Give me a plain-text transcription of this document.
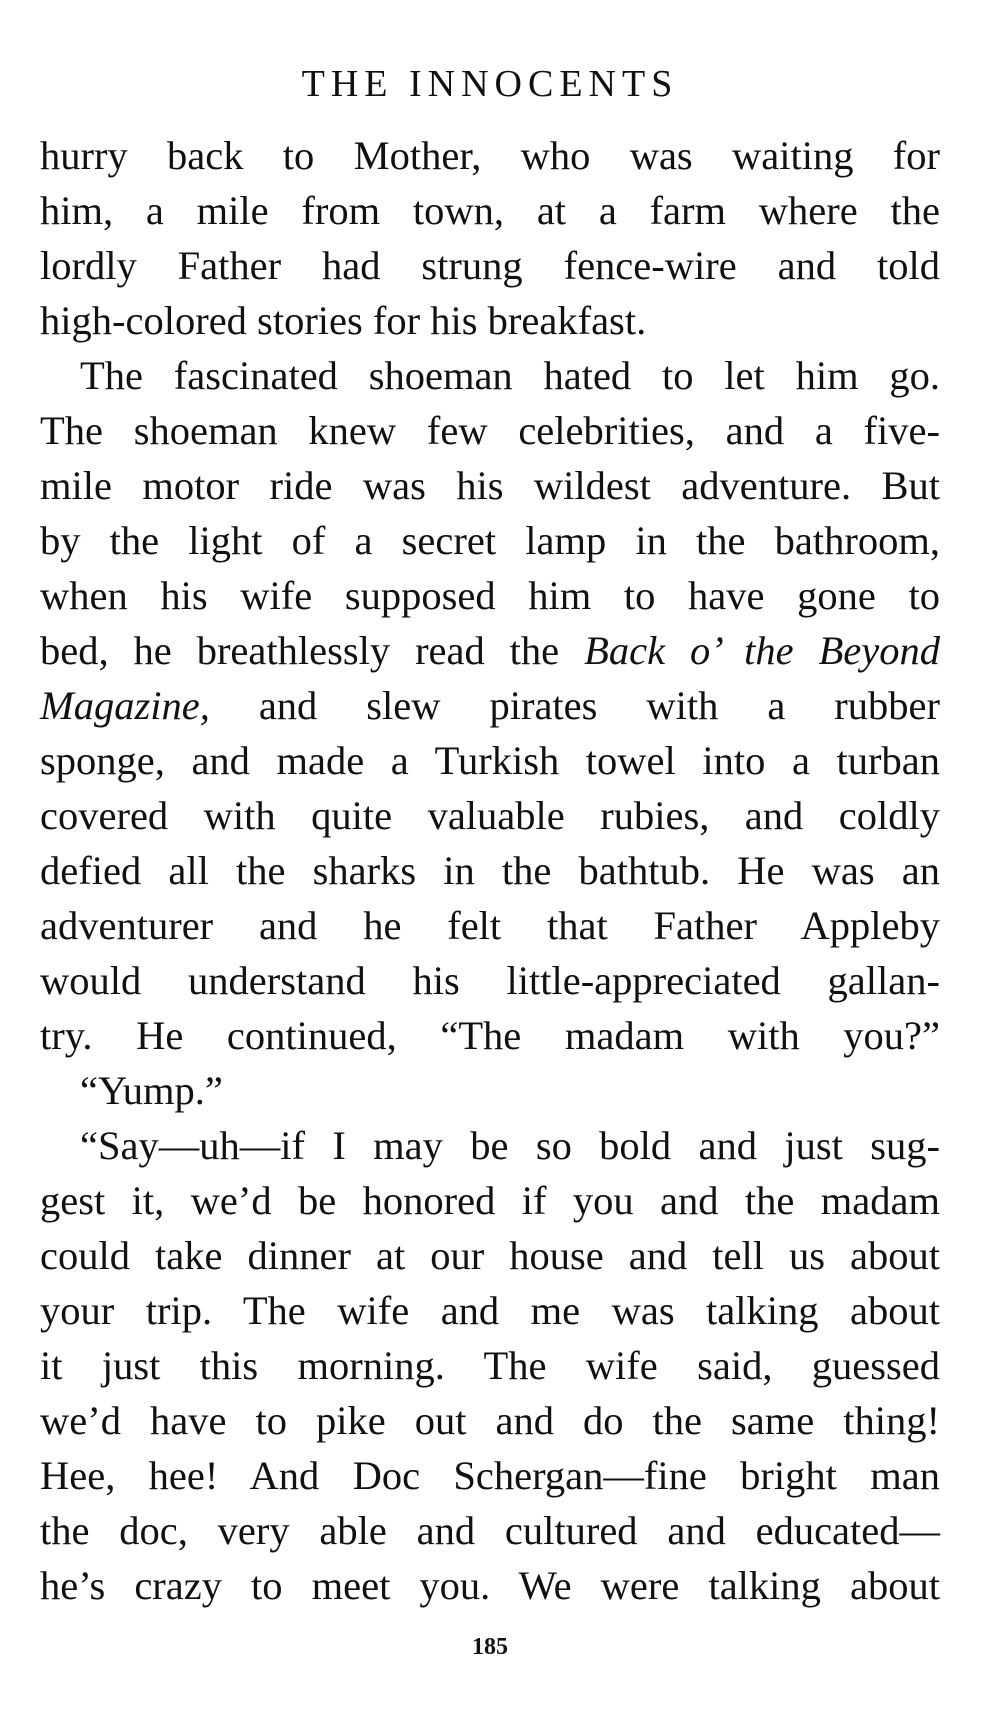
THE INNOCENTS
hurry back to Mother, who was waiting for
him, a mile from town, at a farm where the
lordly Father had strung fence-wire and told
high-colored stories for his breakfast.
The fascinated shoeman hated to let him go.
The shoeman knew few celebrities, and a five-
mile motor ride was his wildest adventure. But
by the light of a secret lamp in the bathroom,
when his wife supposed him to have gone to
bed, he breathlessly read the Back o’ the Beyond
Magazine, and slew pirates with a rubber
sponge, and made a Turkish towel into a turban
covered with quite valuable rubies, and coldly
defied all the sharks in the bathtub. He was an
adventurer and he felt that Father Appleby
would understand his little-appreciated gallan-
try. He continued, “The madam with you?”
“Yump.”
“Say—uh—if I may be so bold and just sug-
gest it, we’d be honored if you and the madam
could take dinner at our house and tell us about
your trip. The wife and me was talking about
it just this morning. The wife said, guessed
we’d have to pike out and do the same thing!
Hee, hee! And Doc Schergan—fine bright man
the doc, very able and cultured and educated—
he’s crazy to meet you. We were talking about
185
